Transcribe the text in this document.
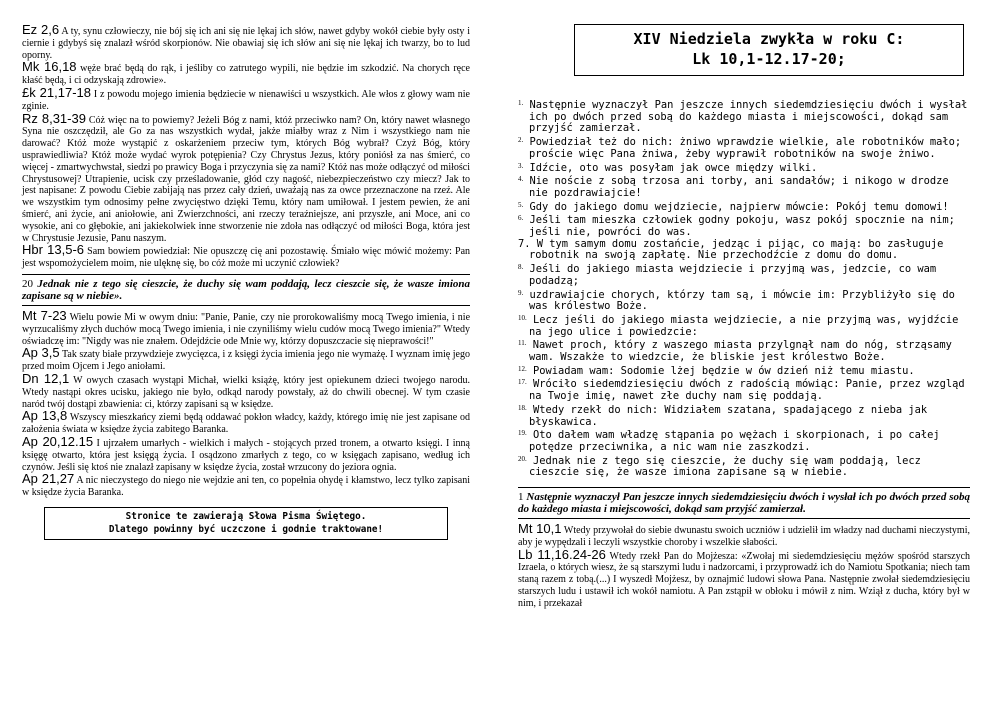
Ez 2,6 A ty, synu człowieczy, nie bój się ich ani się nie lękaj ich słów, nawet gdyby wokół ciebie były osty i ciernie i gdybyś się znalazł wśród skorpionów. Nie obawiaj się ich słów ani się nie lękaj ich twarzy, bo to lud oporny.

Mk 16,18 węże brać będą do rąk, i jeśliby co zatrutego wypili, nie będzie im szkodzić. Na chorych ręce kłaść będą, i ci odzyskają zdrowie».

£k 21,17-18 I z powodu mojego imienia będziecie w nienawiści u wszystkich. Ale włos z głowy wam nie zginie.

Rz 8,31-39 Cóż więc na to powiemy? Jeżeli Bóg z nami, któż przeciwko nam? On, który nawet własnego Syna nie oszczędził, ale Go za nas wszystkich wydał, jakże miałby wraz z Nim i wszystkiego nam nie darować? Któż może wystąpić z oskarżeniem przeciw tym, których Bóg wybrał? Czyż Bóg, który usprawiedliwia? Któż może wydać wyrok potępienia? Czy Chrystus Jezus, który poniósł za nas śmierć, co więcej - zmartwychwstał, siedzi po prawicy Boga i przyczynia się za nami? Któż nas może odłączyć od miłości Chrystusowej? Utrapienie, ucisk czy prześladowanie, głód czy nagość, niebezpieczeństwo czy miecz? Jak to jest napisane: Z powodu Ciebie zabijają nas przez cały dzień, uważają nas za owce przeznaczone na rzeź. Ale we wszystkim tym odnosimy pełne zwycięstwo dzięki Temu, który nam umiłował. I jestem pewien, że ani śmierć, ani życie, ani aniołowie, ani Zwierzchności, ani rzeczy teraźniejsze, ani przyszłe, ani Moce, ani co wysokie, ani co głębokie, ani jakiekolwiek inne stworzenie nie zdoła nas odłączyć od miłości Boga, która jest w Chrystusie Jezusie, Panu naszym.

Hbr 13,5-6 Sam bowiem powiedział: Nie opuszczę cię ani pozostawię. Śmiało więc mówić możemy: Pan jest wspomożycielem moim, nie ulęknę się, bo cóż może mi uczynić człowiek?

20 Jednak nie z tego się cieszcie, że duchy się wam poddają, lecz cieszcie się, że wasze imiona zapisane są w niebie».

Mt 7-23 Wielu powie Mi w owym dniu: "Panie, Panie, czy nie prorokowaliśmy mocą Twego imienia, i nie wyrzucaliśmy złych duchów mocą Twego imienia, i nie czyniliśmy wielu cudów mocą Twego imienia?" Wtedy oświadczę im: "Nigdy was nie znałem. Odejdźcie ode Mnie wy, którzy dopuszczacie się nieprawości!"

Ap 3,5 Tak szaty białe przywdzieje zwycięzca, i z księgi życia imienia jego nie wymażę. I wyznam imię jego przed moim Ojcem i Jego aniołami.

Dn 12,1 W owych czasach wystąpi Michał, wielki książę, który jest opiekunem dzieci twojego narodu. Wtedy nastąpi okres ucisku, jakiego nie było, odkąd narody powstały, aż do chwili obecnej. W tym czasie naród twój dostąpi zbawienia: ci, którzy zapisani są w księdze.

Ap 13,8 Wszyscy mieszkańcy ziemi będą oddawać pokłon władcy, każdy, którego imię nie jest zapisane od założenia świata w księdze życia zabitego Baranka.

Ap 20,12.15 I ujrzałem umarłych - wielkich i małych - stojących przed tronem, a otwarto księgi. I inną księgę otwarto, która jest księgą życia. I osądzono zmarłych z tego, co w księgach zapisano, według ich czynów. Jeśli się ktoś nie znalazł zapisany w księdze życia, został wrzucony do jeziora ognia.

Ap 21,27 A nic nieczystego do niego nie wejdzie ani ten, co popełnia ohydę i kłamstwo, lecz tylko zapisani w księdze życia Baranka.

Stronice te zawierają Słowa Pisma Świętego.
Dlatego powinny być uczczone i godnie traktowane!
XIV Niedziela zwykła w roku C:
Lk 10,1-12.17-20;

$^{1.}$ Następnie wyznaczył Pan jeszcze innych siedemdziesięciu dwóch i wysłał ich po dwóch przed sobą do każdego miasta i miejscowości, dokąd sam przyjść zamierzał.

$^{2.}$ Powiedział też do nich: żniwo wprawdzie wielkie, ale robotników mało; proście więc Pana żniwa, żeby wyprawił robotników na swoje żniwo.

$^{3.}$ Idźcie, oto was posyłam jak owce między wilki.

$^{4.}$ Nie noście z sobą trzosa ani torby, ani sandałów; i nikogo w drodze nie pozdrawiajcie!

$^{5.}$ Gdy do jakiego domu wejdziecie, najpierw mówcie: Pokój temu domowi!

$^{6.}$ Jeśli tam mieszka człowiek godny pokoju, wasz pokój spocznie na nim; jeśli nie, powróci do was.

7. W tym samym domu zostańcie, jedząc i pijąc, co mają: bo zasługuje robotnik na swoją zapłatę. Nie przechodźcie z domu do domu.

$^{8.}$ Jeśli do jakiego miasta wejdziecie i przyjmą was, jedzcie, co wam podadzą;

$^{9.}$ uzdrawiajcie chorych, którzy tam są, i mówcie im: Przybliżyło się do was królestwo Boże.

$^{10.}$ Lecz jeśli do jakiego miasta wejdziecie, a nie przyjmą was, wyjdźcie na jego ulice i powiedzcie:

$^{11.}$ Nawet proch, który z waszego miasta przylgnął nam do nóg, strząsamy wam. Wszakże to wiedzcie, że bliskie jest królestwo Boże.

$^{12.}$ Powiadam wam: Sodomie lżej będzie w ów dzień niż temu miastu.

$^{17.}$ Wróciło siedemdziesięciu dwóch z radością mówiąc: Panie, przez wzgląd na Twoje imię, nawet złe duchy nam się poddają.

$^{18.}$ Wtedy rzekł do nich: Widziałem szatana, spadającego z nieba jak błyskawica.

$^{19.}$ Oto dałem wam władzę stąpania po wężach i skorpionach, i po całej potędze przeciwnika, a nic wam nie zaszkodzi.

$^{20.}$ Jednak nie z tego się cieszcie, że duchy się wam poddają, lecz cieszcie się, że wasze imiona zapisane są w niebie.

1 Następnie wyznaczył Pan jeszcze innych siedemdziesięciu dwóch i wysłał ich po dwóch przed sobą do każdego miasta i miejscowości, dokąd sam przyjść zamierzał.

Mt 10,1 Wtedy przywołał do siebie dwunastu swoich uczniów i udzielił im władzy nad duchami nieczystymi, aby je wypędzali i leczyli wszystkie choroby i wszelkie słabości.

Lb 11,16.24-26 Wtedy rzekł Pan do Mojżesza: «Zwołaj mi siedemdziesięciu mężów spośród starszych Izraela, o których wiesz, że są starszymi ludu i nadzorcami, i przyprowadź ich do Namiotu Spotkania; niech tam staną razem z tobą.(...) I wyszedł Mojżesz, by oznajmić ludowi słowa Pana. Następnie zwołał siedemdziesięciu starszych ludu i ustawił ich wokół namiotu. A Pan zstąpił w obłoku i mówił z nim. Wziął z ducha, który był w nim, i przekazał
